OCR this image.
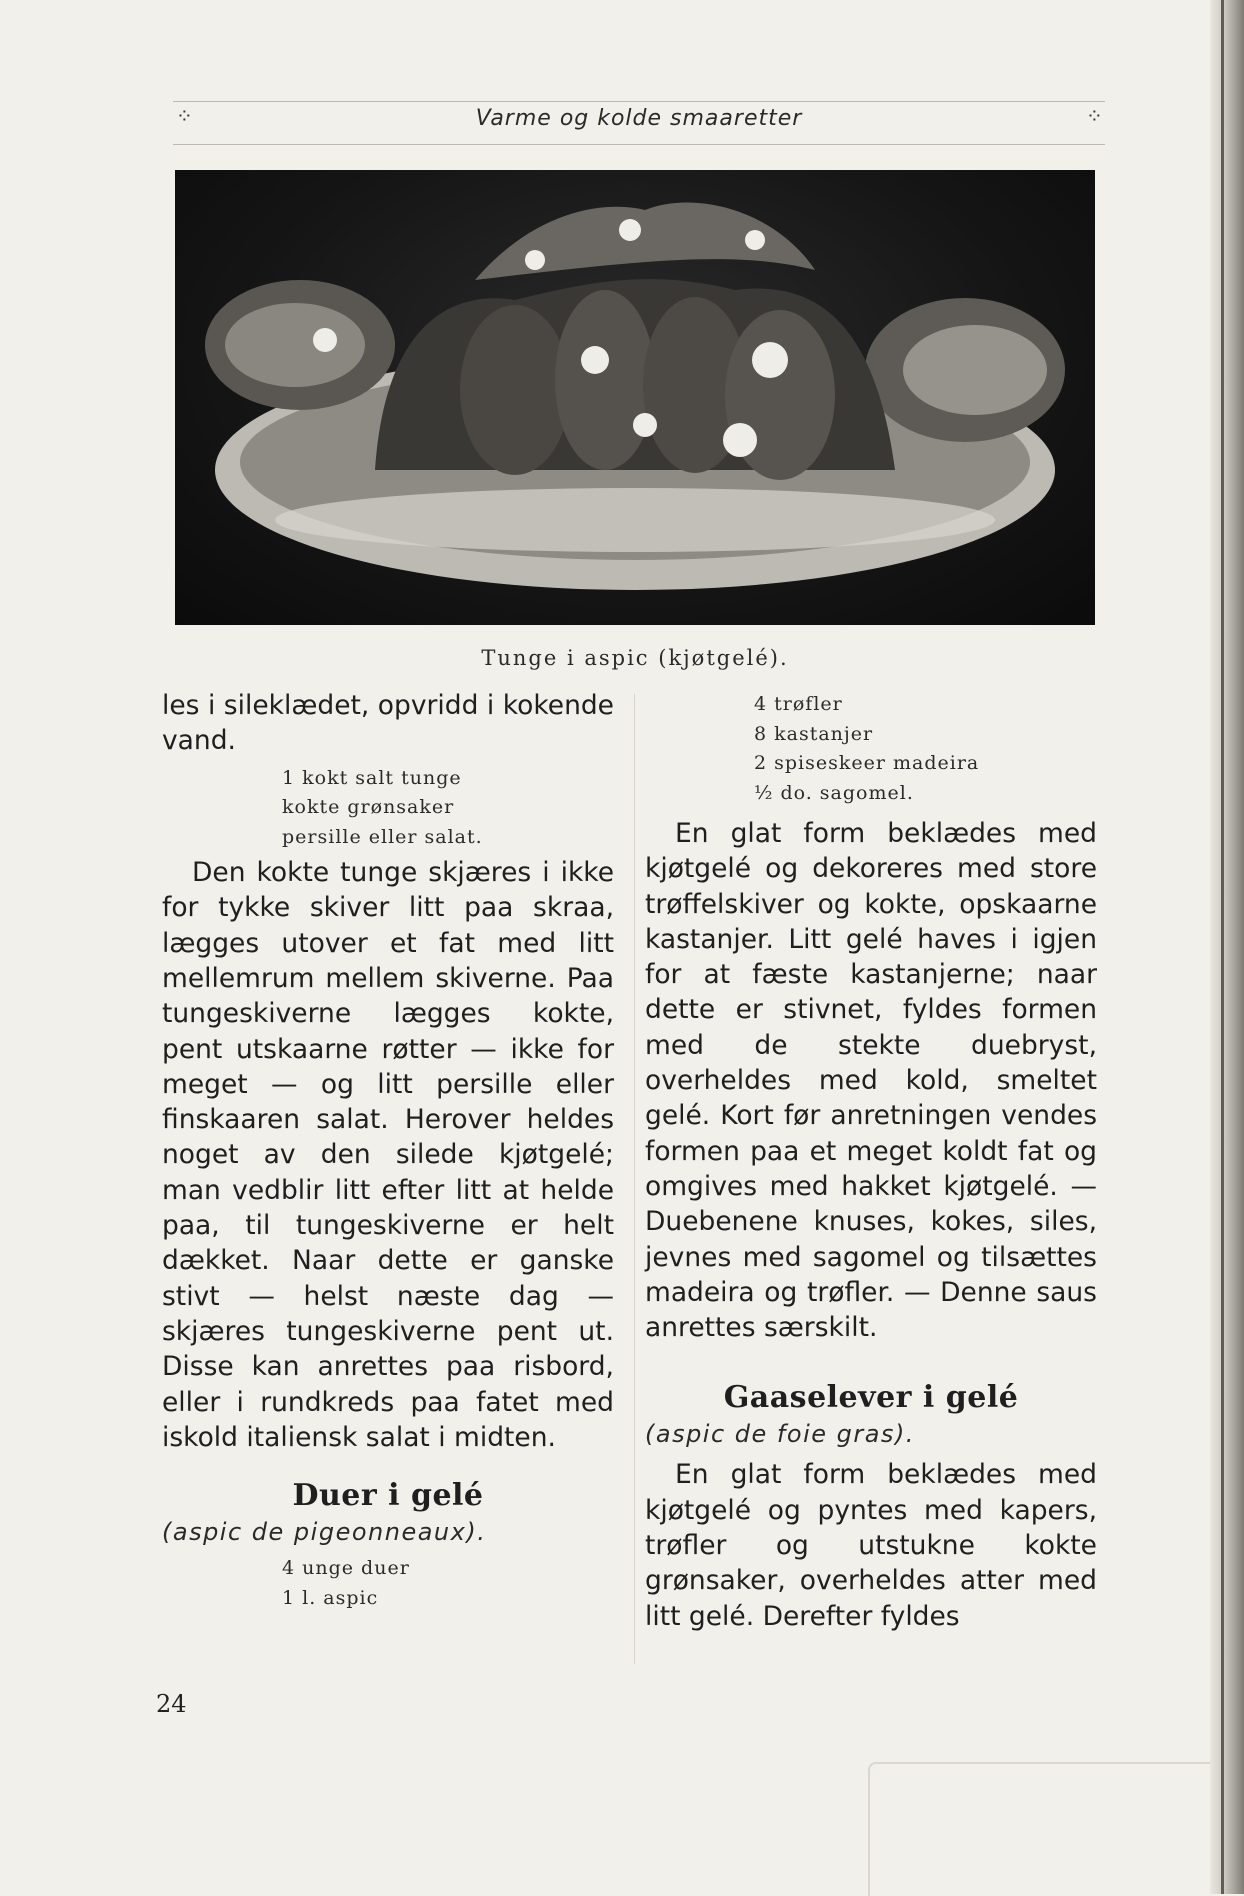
⁘	Varme og kolde smaaretter	⁘
Tunge i aspic (kjøtgelé).

les i sileklædet, opvridd i kokende vand.

1 kokt salt tunge
kokte grønsaker
persille eller salat.

Den kokte tunge skjæres i ikke for tykke skiver litt paa skraa, lægges utover et fat med litt mellemrum mellem skiverne. Paa tungeskiverne lægges kokte, pent utskaarne røtter — ikke for meget — og litt persille eller finskaaren salat. Herover heldes noget av den silede kjøtgelé; man vedblir litt efter litt at helde paa, til tungeskiverne er helt dækket. Naar dette er ganske stivt — helst næste dag — skjæres tungeskiverne pent ut. Disse kan anrettes paa risbord, eller i rundkreds paa fatet med iskold italiensk salat i midten.

Duer i gelé

(aspic de pigeonneaux).

4 unge duer
1 l. aspic
4 trøfler
8 kastanjer
2 spiseskeer madeira
½ do. sagomel.

En glat form beklædes med kjøtgelé og dekoreres med store trøffelskiver og kokte, opskaarne kastanjer. Litt gelé haves i igjen for at fæste kastanjerne; naar dette er stivnet, fyldes formen med de stekte duebryst, overheldes med kold, smeltet gelé. Kort før anretningen vendes formen paa et meget koldt fat og omgives med hakket kjøtgelé. — Duebenene knuses, kokes, siles, jevnes med sagomel og tilsættes madeira og trøfler. — Denne saus anrettes særskilt.

Gaaselever i gelé

(aspic de foie gras).

En glat form beklædes med kjøtgelé og pyntes med kapers, trøfler og utstukne kokte grønsaker, overheldes atter med litt gelé. Derefter fyldes

24
